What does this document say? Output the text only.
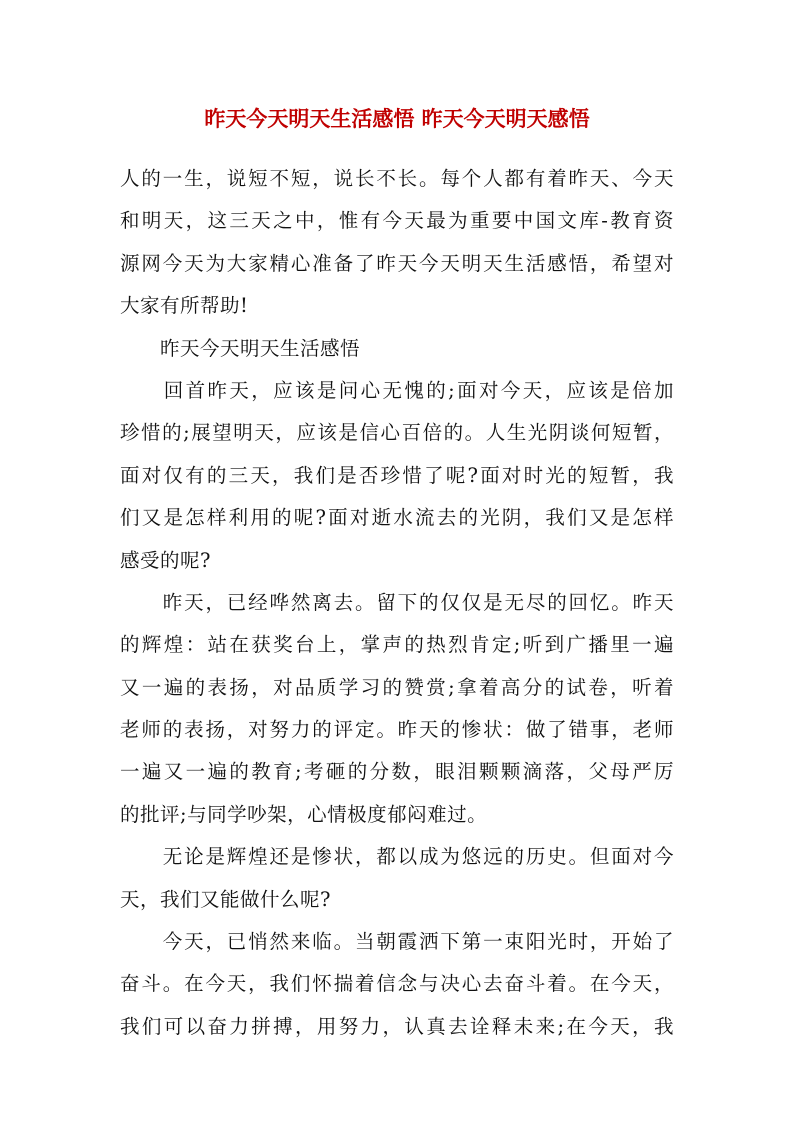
昨天今天明天生活感悟 昨天今天明天感悟
人的一生，说短不短，说长不长。每个人都有着昨天、今天
和明天，这三天之中，惟有今天最为重要中国文库-教育资
源网今天为大家精心准备了昨天今天明天生活感悟，希望对
大家有所帮助!
　　昨天今天明天生活感悟
　　回首昨天，应该是问心无愧的;面对今天，应该是倍加
珍惜的;展望明天，应该是信心百倍的。人生光阴谈何短暂，
面对仅有的三天，我们是否珍惜了呢?面对时光的短暂，我
们又是怎样利用的呢?面对逝水流去的光阴，我们又是怎样
感受的呢?
　　昨天，已经哗然离去。留下的仅仅是无尽的回忆。昨天
的辉煌：站在获奖台上，掌声的热烈肯定;听到广播里一遍
又一遍的表扬，对品质学习的赞赏;拿着高分的试卷，听着
老师的表扬，对努力的评定。昨天的惨状：做了错事，老师
一遍又一遍的教育;考砸的分数，眼泪颗颗滴落，父母严厉
的批评;与同学吵架，心情极度郁闷难过。
　　无论是辉煌还是惨状，都以成为悠远的历史。但面对今
天，我们又能做什么呢?
　　今天，已悄然来临。当朝霞洒下第一束阳光时，开始了
奋斗。在今天，我们怀揣着信念与决心去奋斗着。在今天，
我们可以奋力拼搏，用努力，认真去诠释未来;在今天，我
